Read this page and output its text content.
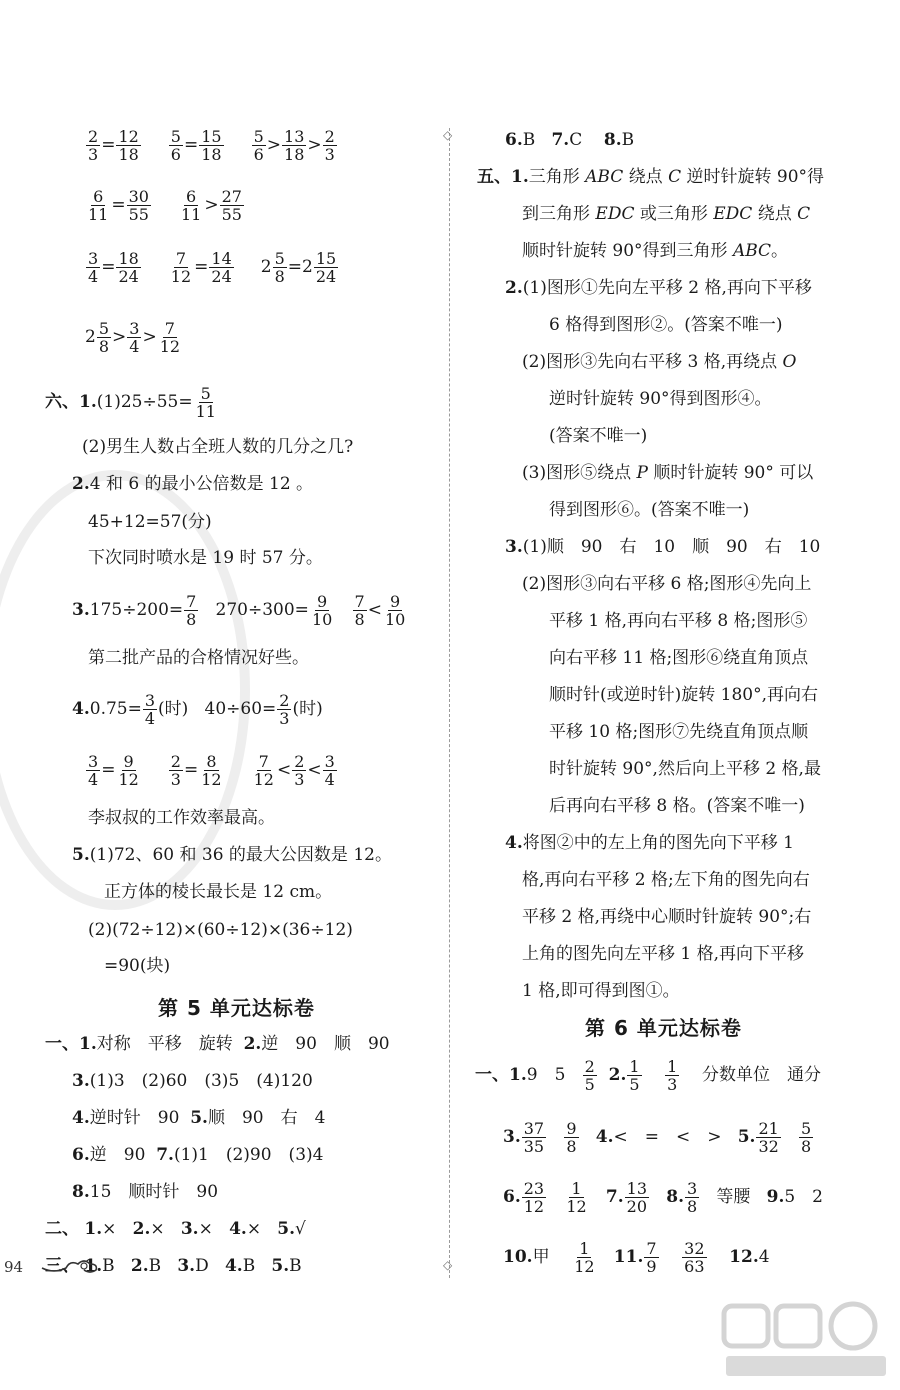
◇
◇
$\frac{2}{3} = \frac{12}{18} \frac{5}{6} = \frac{15}{18} \frac{5}{6} > \frac{13}{18} > \frac{2}{3}$
$\frac{6}{11} = \frac{30}{55} \frac{6}{11} > \frac{27}{55}$
$\frac{3}{4} = \frac{18}{24} \frac{7}{12} = \frac{14}{24} 2 \frac{5}{8} =2 \frac{15}{24}$
$2 \frac{5}{8} > \frac{3}{4} > \frac{7}{12}$
六、$1.(1)25\div 55= \frac{5}{11}$
(2)男生人数占全班人数的几分之几?
2.4 和 6 的最小公倍数是 12 。
45+12=57(分)
下次同时喷水是 19 时 57 分。
$3.175\div 200= \frac{7}{8} 270\div 300= \frac{9}{10}$
$\frac{7}{8} < \frac{9}{10}$
第二批产品的合格情况好些。
$4.0.75= \frac{3}{4}$ (时) $40\div 60= \frac{2}{3}$ (时)
$\frac{3}{4} = \frac{9}{12} \frac{2}{3} = \frac{8}{12} \frac{7}{12} < \frac{2}{3} < \frac{3}{4}$
李叔叔的工作效率最高。
5.(1)72、60 和 36 的最大公因数是 12。
正方体的棱长最长是 12 cm。
(2)(72÷12)×(60÷12)×(36÷12)
=90(块)
第 5 单元达标卷
一、1.对称　平移　旋转 2.逆　90　顺　90
3.(1)3　(2)60　(3)5　(4)120
4.逆时针　90 5.顺　90　右　4
6.逆　90 7.(1)1　(2)90　(3)4
8.15　顺时针　90
二、 1.× 2.× 3.× 4.× 5.√
三、 1.B 2.B 3.D 4.B 5.B
94
6.B 7.C 8.B
五、1.三角形 ABC 绕点 C 逆时针旋转 90°得
到三角形 EDC 或三角形 EDC 绕点 C
顺时针旋转 90°得到三角形 ABC。
2.(1)图形①先向左平移 2 格,再向下平移
6 格得到图形②。(答案不唯一)
(2)图形③先向右平移 3 格,再绕点 O
逆时针旋转 90°得到图形④。
(答案不唯一)
(3)图形⑤绕点 P 顺时针旋转 90° 可以
得到图形⑥。(答案不唯一)
3.(1)顺　90　右　10　顺　90　右　10
(2)图形③向右平移 6 格;图形④先向上
平移 1 格,再向右平移 8 格;图形⑤
向右平移 11 格;图形⑥绕直角顶点
顺时针(或逆时针)旋转 180°,再向右
平移 10 格;图形⑦先绕直角顶点顺
时针旋转 90°,然后向上平移 2 格,最
后再向右平移 8 格。(答案不唯一)
4.将图②中的左上角的图先向下平移 1
格,再向右平移 2 格;左下角的图先向右
平移 2 格,再绕中心顺时针旋转 90°;右
上角的图先向左平移 1 格,再向下平移
1 格,即可得到图①。
第 6 单元达标卷
一、1.9　$5 \frac{2}{5} 2$. $\frac{1}{5}$
$\frac{1}{3}$ 分数单位　通分
3. $\frac{37}{35}$
$\frac{9}{8} 4.<$　=　<　> 5. $\frac{21}{32}$
$\frac{5}{8}$
6. $\frac{23}{12}$
$\frac{1}{12} 7$. $\frac{13}{20} 8$. $\frac{3}{8}$ 等腰 9.5　2
10.甲 $\frac{1}{12} 11$. $\frac{7}{9}$
$\frac{32}{63} 12.4$
